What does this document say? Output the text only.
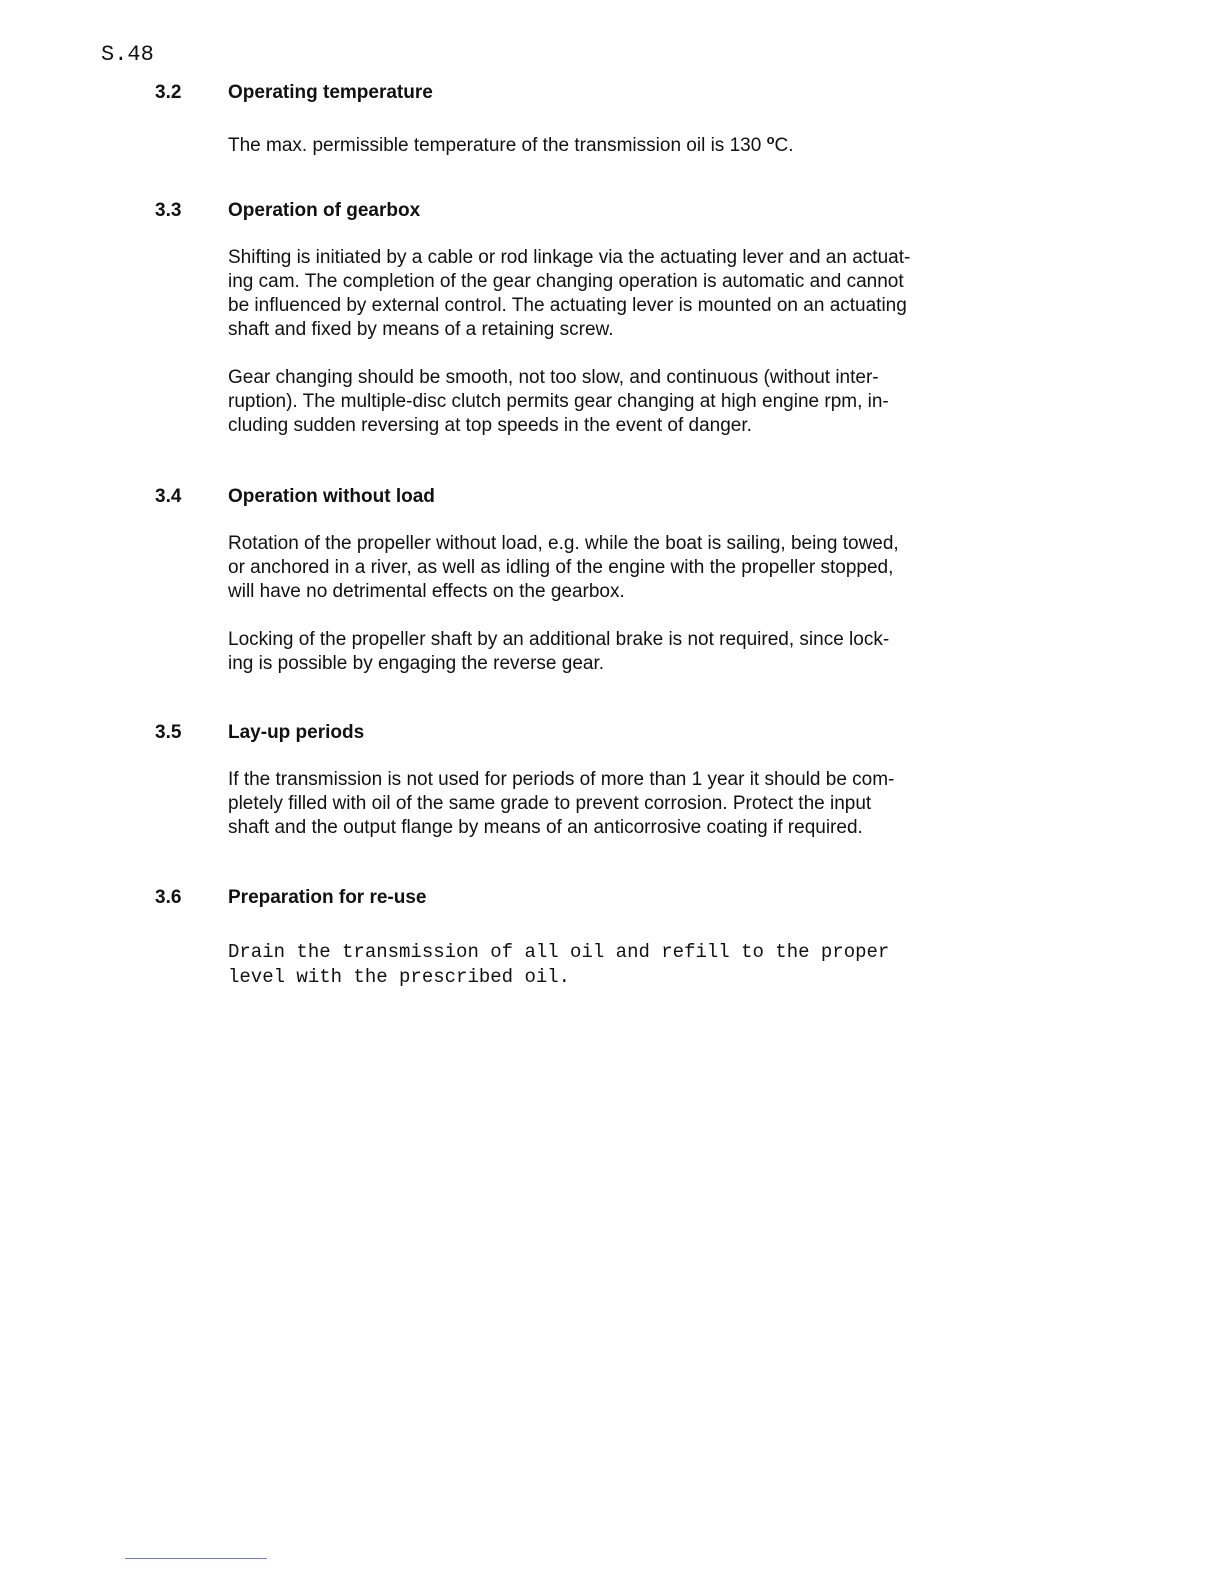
S.48
3.2 Operating temperature

The max. permissible temperature of the transmission oil is 130 $^o$C.

3.3 Operation of gearbox

Shifting is initiated by a cable or rod linkage via the actuating lever and an actuat-
ing cam. The completion of the gear changing operation is automatic and cannot
be influenced by external control. The actuating lever is mounted on an actuating
shaft and fixed by means of a retaining screw.

Gear changing should be smooth, not too slow, and continuous (without inter-
ruption). The multiple-disc clutch permits gear changing at high engine rpm, in-
cluding sudden reversing at top speeds in the event of danger.

3.4 Operation without load

Rotation of the propeller without load, e.g. while the boat is sailing, being towed,
or anchored in a river, as well as idling of the engine with the propeller stopped,
will have no detrimental effects on the gearbox.

Locking of the propeller shaft by an additional brake is not required, since lock-
ing is possible by engaging the reverse gear.

3.5 Lay-up periods

If the transmission is not used for periods of more than 1 year it should be com-
pletely filled with oil of the same grade to prevent corrosion. Protect the input
shaft and the output flange by means of an anticorrosive coating if required.

3.6 Preparation for re-use

Drain the transmission of all oil and refill to the proper
level with the prescribed oil.
